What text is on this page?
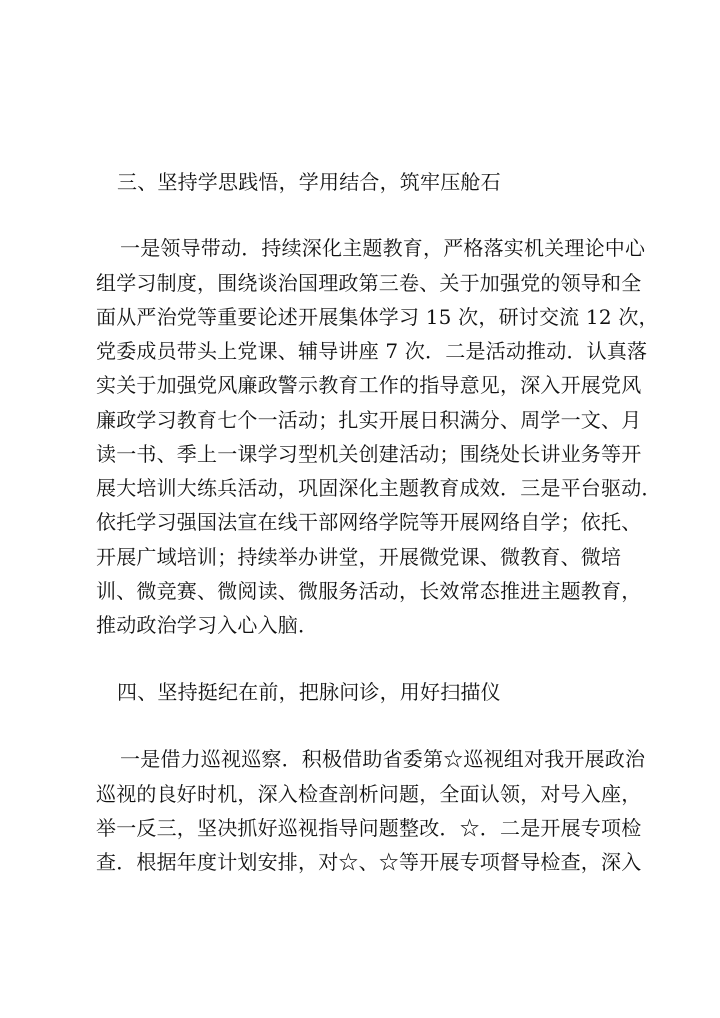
三、坚持学思践悟，学用结合，筑牢压舱石
一是领导带动．持续深化主题教育，严格落实机关理论中心
组学习制度，围绕谈治国理政第三卷、关于加强党的领导和全
面从严治党等重要论述开展集体学习 15 次，研讨交流 12 次，
党委成员带头上党课、辅导讲座 7 次．二是活动推动．认真落
实关于加强党风廉政警示教育工作的指导意见，深入开展党风
廉政学习教育七个一活动；扎实开展日积满分、周学一文、月
读一书、季上一课学习型机关创建活动；围绕处长讲业务等开
展大培训大练兵活动，巩固深化主题教育成效．三是平台驱动．
依托学习强国法宣在线干部网络学院等开展网络自学；依托、
开展广域培训；持续举办讲堂，开展微党课、微教育、微培
训、微竞赛、微阅读、微服务活动，长效常态推进主题教育，
推动政治学习入心入脑．
四、坚持挺纪在前，把脉问诊，用好扫描仪
一是借力巡视巡察．积极借助省委第☆巡视组对我开展政治
巡视的良好时机，深入检查剖析问题，全面认领，对号入座，
举一反三，坚决抓好巡视指导问题整改．☆．二是开展专项检
查．根据年度计划安排，对☆、☆等开展专项督导检查，深入
